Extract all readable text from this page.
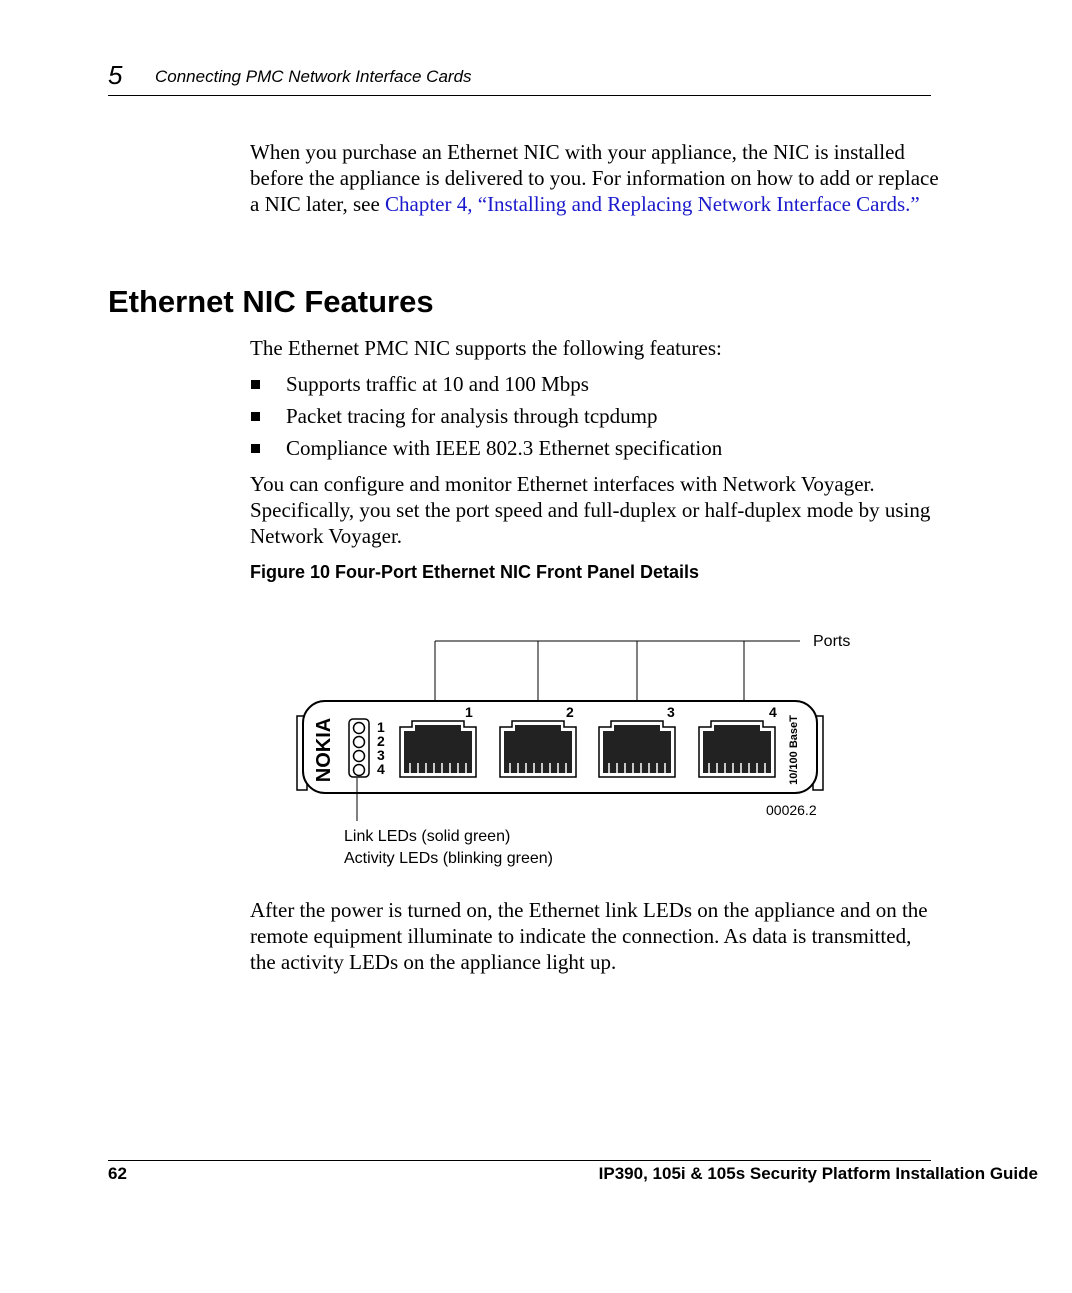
5 Connecting PMC Network Interface Cards
When you purchase an Ethernet NIC with your appliance, the NIC is installed before the appliance is delivered to you. For information on how to add or replace a NIC later, see Chapter 4, “Installing and Replacing Network Interface Cards.”
Ethernet NIC Features
The Ethernet PMC NIC supports the following features:
Supports traffic at 10 and 100 Mbps
Packet tracing for analysis through tcpdump
Compliance with IEEE 802.3 Ethernet specification
You can configure and monitor Ethernet interfaces with Network Voyager. Specifically, you set the port speed and full-duplex or half-duplex mode by using Network Voyager.
Figure 10 Four-Port Ethernet NIC Front Panel Details
Ports
NOKIA	1
2
3
4
1	2	3	4
10/100 BaseT
00026.2
Link LEDs (solid green)
Activity LEDs (blinking green)
After the power is turned on, the Ethernet link LEDs on the appliance and on the remote equipment illuminate to indicate the connection. As data is transmitted, the activity LEDs on the appliance light up.
62	IP390, 105i & 105s Security Platform Installation Guide
